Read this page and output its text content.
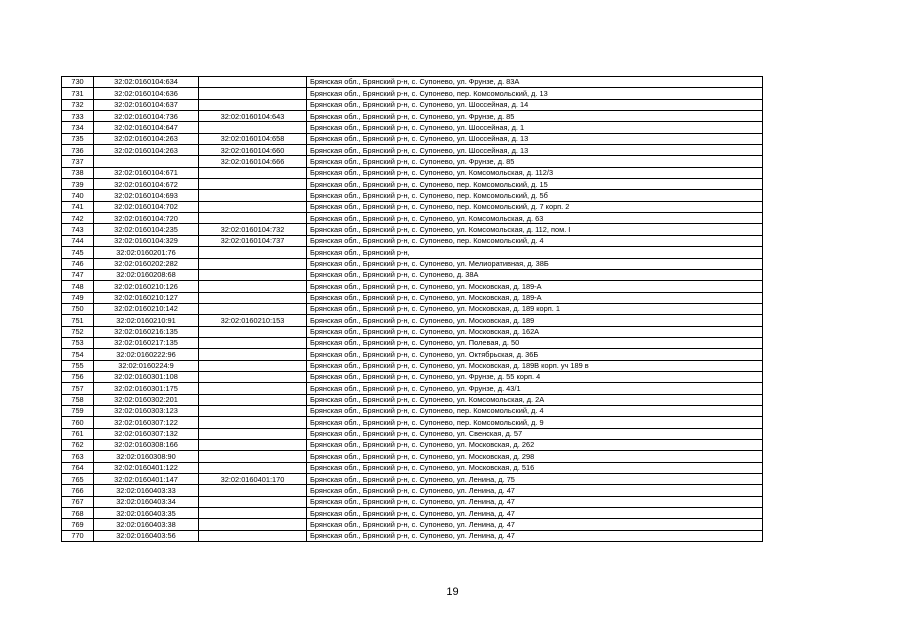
730	32:02:0160104:634		Брянская обл., Брянский р-н, с. Супонево, ул. Фрунзе, д. 83А
731	32:02:0160104:636		Брянская обл., Брянский р-н, с. Супонево, пер. Комсомольский, д. 13
732	32:02:0160104:637		Брянская обл., Брянский р-н, с. Супонево, ул. Шоссейная, д. 14
733	32:02:0160104:736	32:02:0160104:643	Брянская обл., Брянский р-н, с. Супонево, ул. Фрунзе, д. 85
734	32:02:0160104:647		Брянская обл., Брянский р-н, с. Супонево, ул. Шоссейная, д. 1
735	32:02:0160104:263	32:02:0160104:658	Брянская обл., Брянский р-н, с. Супонево, ул. Шоссейная, д. 13
736	32:02:0160104:263	32:02:0160104:660	Брянская обл., Брянский р-н, с. Супонево, ул. Шоссейная, д. 13
737		32:02:0160104:666	Брянская обл., Брянский р-н, с. Супонево, ул. Фрунзе, д. 85
738	32:02:0160104:671		Брянская обл., Брянский р-н, с. Супонево, ул. Комсомольская, д. 112/3
739	32:02:0160104:672		Брянская обл., Брянский р-н, с. Супонево, пер. Комсомольский, д. 15
740	32:02:0160104:693		Брянская обл., Брянский р-н, с. Супонево, пер. Комсомольский, д. 5б
741	32:02:0160104:702		Брянская обл., Брянский р-н, с. Супонево, пер. Комсомольский, д. 7 корп. 2
742	32:02:0160104:720		Брянская обл., Брянский р-н, с. Супонево, ул. Комсомольская, д. 63
743	32:02:0160104:235	32:02:0160104:732	Брянская обл., Брянский р-н, с. Супонево, ул. Комсомольская, д. 112, пом. I
744	32:02:0160104:329	32:02:0160104:737	Брянская обл., Брянский р-н, с. Супонево, пер. Комсомольский, д. 4
745	32:02:0160201:76		Брянская обл., Брянский р-н,
746	32:02:0160202:282		Брянская обл., Брянский р-н, с. Супонево, ул. Мелиоративная, д. 38Б
747	32:02:0160208:68		Брянская обл., Брянский р-н, с. Супонево, д. 38А
748	32:02:0160210:126		Брянская обл., Брянский р-н, с. Супонево, ул. Московская, д. 189-А
749	32:02:0160210:127		Брянская обл., Брянский р-н, с. Супонево, ул. Московская, д. 189-А
750	32:02:0160210:142		Брянская обл., Брянский р-н, с. Супонево, ул. Московская, д. 189 корп. 1
751	32:02:0160210:91	32:02:0160210:153	Брянская обл., Брянский р-н, с. Супонево, ул. Московская, д. 189
752	32:02:0160216:135		Брянская обл., Брянский р-н, с. Супонево, ул. Московская, д. 162А
753	32:02:0160217:135		Брянская обл., Брянский р-н, с. Супонево, ул. Полевая, д. 50
754	32:02:0160222:96		Брянская обл., Брянский р-н, с. Супонево, ул. Октябрьская, д. 36Б
755	32:02:0160224:9		Брянская обл., Брянский р-н, с. Супонево, ул. Московская, д. 189В корп. уч 189 в
756	32:02:0160301:108		Брянская обл., Брянский р-н, с. Супонево, ул. Фрунзе, д. 55 корп. 4
757	32:02:0160301:175		Брянская обл., Брянский р-н, с. Супонево, ул. Фрунзе, д. 43/1
758	32:02:0160302:201		Брянская обл., Брянский р-н, с. Супонево, ул. Комсомольская, д. 2А
759	32:02:0160303:123		Брянская обл., Брянский р-н, с. Супонево, пер. Комсомольский, д. 4
760	32:02:0160307:122		Брянская обл., Брянский р-н, с. Супонево, пер. Комсомольский, д. 9
761	32:02:0160307:132		Брянская обл., Брянский р-н, с. Супонево, ул. Свенская, д. 57
762	32:02:0160308:166		Брянская обл., Брянский р-н, с. Супонево, ул. Московская, д. 262
763	32:02:0160308:90		Брянская обл., Брянский р-н, с. Супонево, ул. Московская, д. 298
764	32:02:0160401:122		Брянская обл., Брянский р-н, с. Супонево, ул. Московская, д. 516
765	32:02:0160401:147	32:02:0160401:170	Брянская обл., Брянский р-н, с. Супонево, ул. Ленина, д. 75
766	32:02:0160403:33		Брянская обл., Брянский р-н, с. Супонево, ул. Ленина, д. 47
767	32:02:0160403:34		Брянская обл., Брянский р-н, с. Супонево, ул. Ленина, д. 47
768	32:02:0160403:35		Брянская обл., Брянский р-н, с. Супонево, ул. Ленина, д. 47
769	32:02:0160403:38		Брянская обл., Брянский р-н, с. Супонево, ул. Ленина, д. 47
770	32:02:0160403:56		Брянская обл., Брянский р-н, с. Супонево, ул. Ленина, д. 47
19
